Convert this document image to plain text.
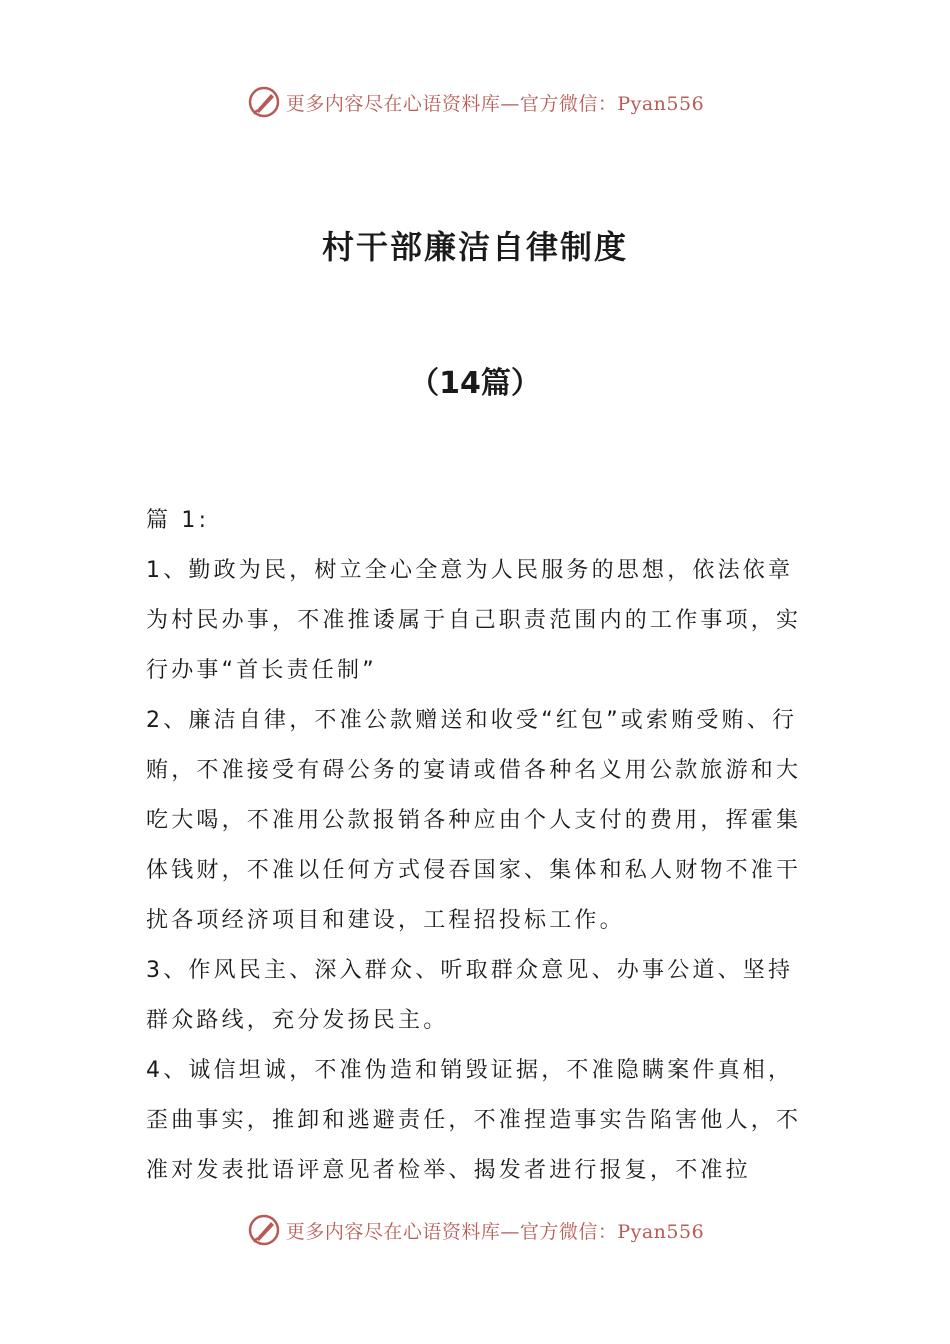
更多内容尽在心语资料库—官方微信：Pyan556
村干部廉洁自律制度
（14篇）

篇 1:

1、勤政为民，树立全心全意为人民服务的思想，依法依章为村民办事，不准推诿属于自己职责范围内的工作事项，实行办事“首长责任制”

2、廉洁自律，不准公款赠送和收受“红包”或索贿受贿、行贿，不准接受有碍公务的宴请或借各种名义用公款旅游和大吃大喝，不准用公款报销各种应由个人支付的费用，挥霍集体钱财，不准以任何方式侵吞国家、集体和私人财物不准干扰各项经济项目和建设，工程招投标工作。

3、作风民主、深入群众、听取群众意见、办事公道、坚持群众路线，充分发扬民主。

4、诚信坦诚，不准伪造和销毁证据，不准隐瞒案件真相，歪曲事实，推卸和逃避责任，不准捏造事实告陷害他人，不准对发表批语评意见者检举、揭发者进行报复，不准拉

更多内容尽在心语资料库—官方微信：Pyan556
